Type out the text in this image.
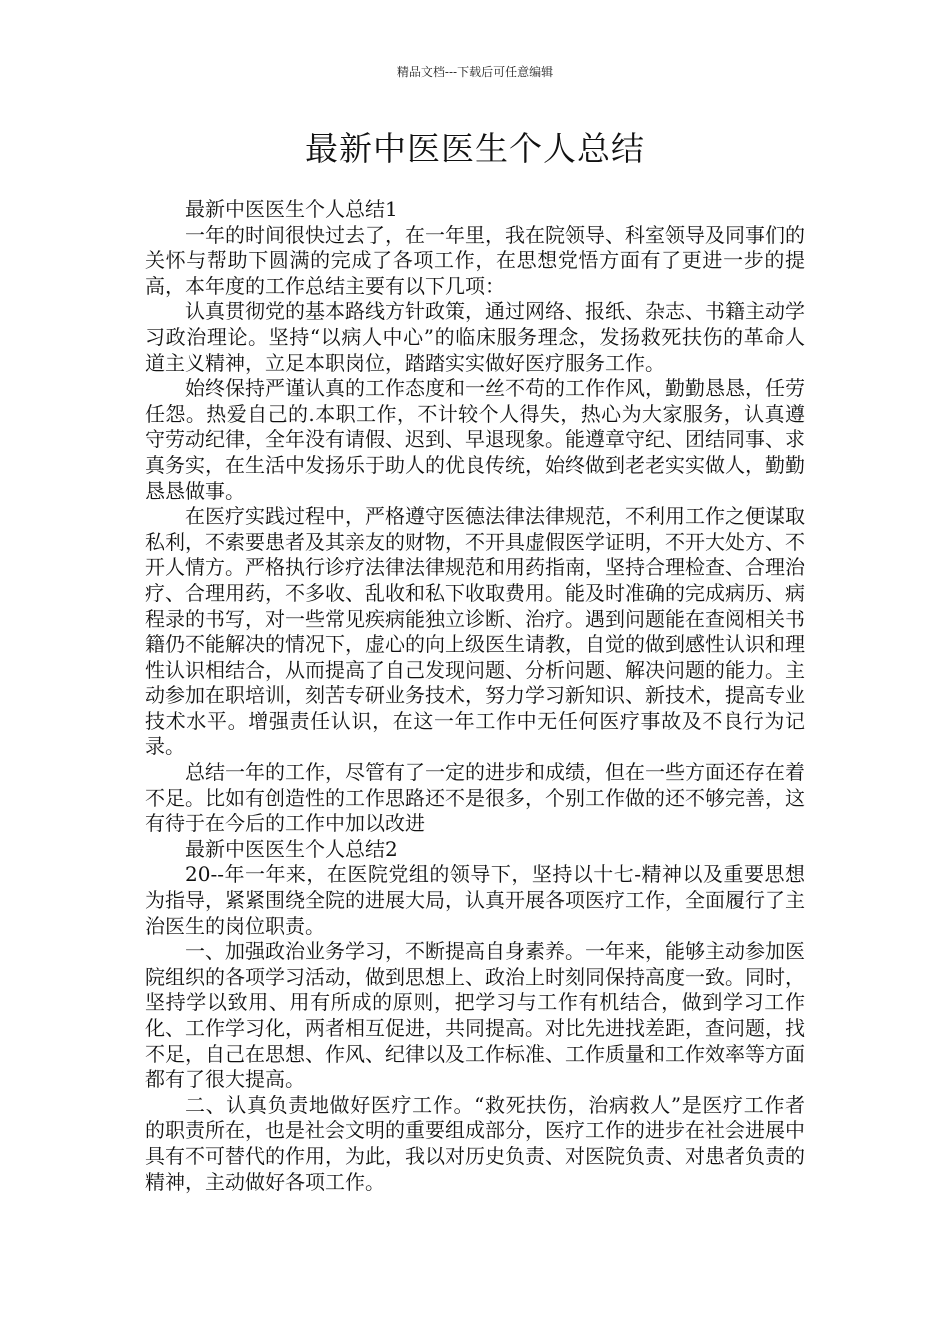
精品文档---下载后可任意编辑
最新中医医生个人总结

最新中医医生个人总结1

一年的时间很快过去了，在一年里，我在院领导、科室领导及同事们的关怀与帮助下圆满的完成了各项工作，在思想党悟方面有了更进一步的提高，本年度的工作总结主要有以下几项：

认真贯彻党的基本路线方针政策，通过网络、报纸、杂志、书籍主动学习政治理论。坚持“以病人中心”的临床服务理念，发扬救死扶伤的革命人道主义精神，立足本职岗位，踏踏实实做好医疗服务工作。

始终保持严谨认真的工作态度和一丝不苟的工作作风，勤勤恳恳，任劳任怨。热爱自己的.本职工作，不计较个人得失，热心为大家服务，认真遵守劳动纪律，全年没有请假、迟到、早退现象。能遵章守纪、团结同事、求真务实，在生活中发扬乐于助人的优良传统，始终做到老老实实做人，勤勤恳恳做事。

在医疗实践过程中，严格遵守医德法律法律规范，不利用工作之便谋取私利，不索要患者及其亲友的财物，不开具虚假医学证明，不开大处方、不开人情方。严格执行诊疗法律法律规范和用药指南，坚持合理检查、合理治疗、合理用药，不多收、乱收和私下收取费用。能及时准确的完成病历、病程录的书写，对一些常见疾病能独立诊断、治疗。遇到问题能在查阅相关书籍仍不能解决的情况下，虚心的向上级医生请教，自觉的做到感性认识和理性认识相结合，从而提高了自己发现问题、分析问题、解决问题的能力。主动参加在职培训，刻苦专研业务技术，努力学习新知识、新技术，提高专业技术水平。增强责任认识，在这一年工作中无任何医疗事故及不良行为记录。

总结一年的工作，尽管有了一定的进步和成绩，但在一些方面还存在着不足。比如有创造性的工作思路还不是很多，个别工作做的还不够完善，这有待于在今后的工作中加以改进

最新中医医生个人总结2

20--年一年来，在医院党组的领导下，坚持以十七-精神以及重要思想为指导，紧紧围绕全院的进展大局，认真开展各项医疗工作，全面履行了主治医生的岗位职责。

一、加强政治业务学习，不断提高自身素养。一年来，能够主动参加医院组织的各项学习活动，做到思想上、政治上时刻同保持高度一致。同时，坚持学以致用、用有所成的原则，把学习与工作有机结合，做到学习工作化、工作学习化，两者相互促进，共同提高。对比先进找差距，查问题，找不足，自己在思想、作风、纪律以及工作标准、工作质量和工作效率等方面都有了很大提高。

二、认真负责地做好医疗工作。“救死扶伤，治病救人”是医疗工作者的职责所在，也是社会文明的重要组成部分，医疗工作的进步在社会进展中具有不可替代的作用，为此，我以对历史负责、对医院负责、对患者负责的精神，主动做好各项工作。
